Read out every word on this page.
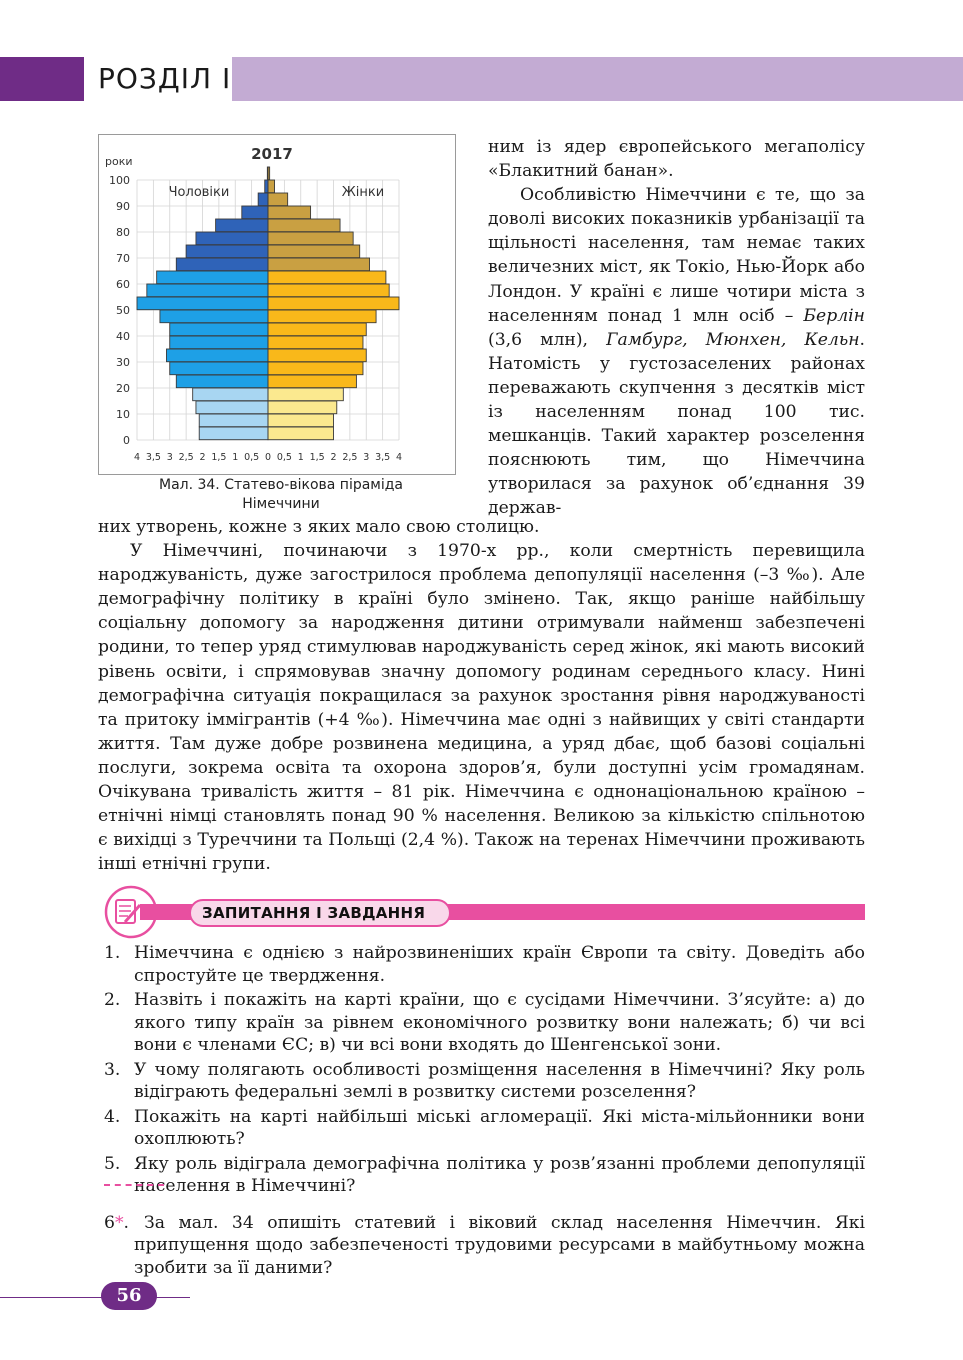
РОЗДІЛ І
0
10
20
30
40
50
60
70
80
90
100
4 3,5 3 2,5 2 1,5 1 0,5 0 0,5 1 1,5 2 2,5 3 3,5 4
роки	2017
Чоловіки	Жінки
Мал. 34. Статево-вікова піраміда Німеччини

ним із ядер європейського мегаполісу «Блакитний банан».

Особливістю Німеччини є те, що за доволі високих показників урбанізації та щільності населення, там немає таких величезних міст, як Токіо, Нью-Йорк або Лондон. У країні є лише чотири міста з населенням понад 1 млн осіб – Берлін (3,6 млн), Гамбург, Мюнхен, Кельн. Натомість у густозаселених районах переважають скупчення з десятків міст із населенням понад 100 тис. мешканців. Такий характер розселення пояснюють тим, що Німеччина утворилася за рахунок об’єднання 39 держав-

них утворень, кожне з яких мало свою столицю.

У Німеччині, починаючи з 1970-х рр., коли смертність перевищила народжуваність, дуже загострилося проблема депопуляції населення (–3 ‰). Але демографічну політику в країні було змінено. Так, якщо раніше найбільшу соціальну допомогу за народження дитини отримували найменш забезпечені родини, то тепер уряд стимулював народжуваність серед жінок, які мають високий рівень освіти, і спрямовував значну допомогу родинам середнього класу. Нині демографічна ситуація покращилася за рахунок зростання рівня народжуваності та притоку іммігрантів (+4 ‰). Німеччина має одні з найвищих у світі стандарти життя. Там дуже добре розвинена медицина, а уряд дбає, щоб базові соціальні послуги, зокрема освіта та охорона здоров’я, були доступні усім громадянам. Очікувана тривалість життя – 81 рік. Німеччина є однонаціональною країною – етнічні німці становлять понад 90 % населення. Великою за кількістю спільнотою є вихідці з Туреччини та Польщі (2,4 %). Також на теренах Німеччини проживають інші етнічні групи.

ЗАПИТАННЯ І ЗАВДАННЯ
1. Німеччина є однією з найрозвиненіших країн Європи та світу. Доведіть або спростуйте це твердження.
2. Назвіть і покажіть на карті країни, що є сусідами Німеччини. З’ясуйте: а) до якого типу країн за рівнем економічного розвитку вони належать; б) чи всі вони є членами ЄС; в) чи всі вони входять до Шенгенської зони.
3. У чому полягають особливості розміщення населення в Німеччині? Яку роль відіграють федеральні землі в розвитку системи розселення?
4. Покажіть на карті найбільші міські агломерації. Які міста-мільйонники вони охоплюють?
5. Яку роль відіграла демографічна політика у розв’язанні проблеми депопуляції населення в Німеччині?
6*. За мал. 34 опишіть статевий і віковий склад населення Німеччин. Які припущення щодо забезпеченості трудовими ресурсами в майбутньому можна зробити за її даними?
56
